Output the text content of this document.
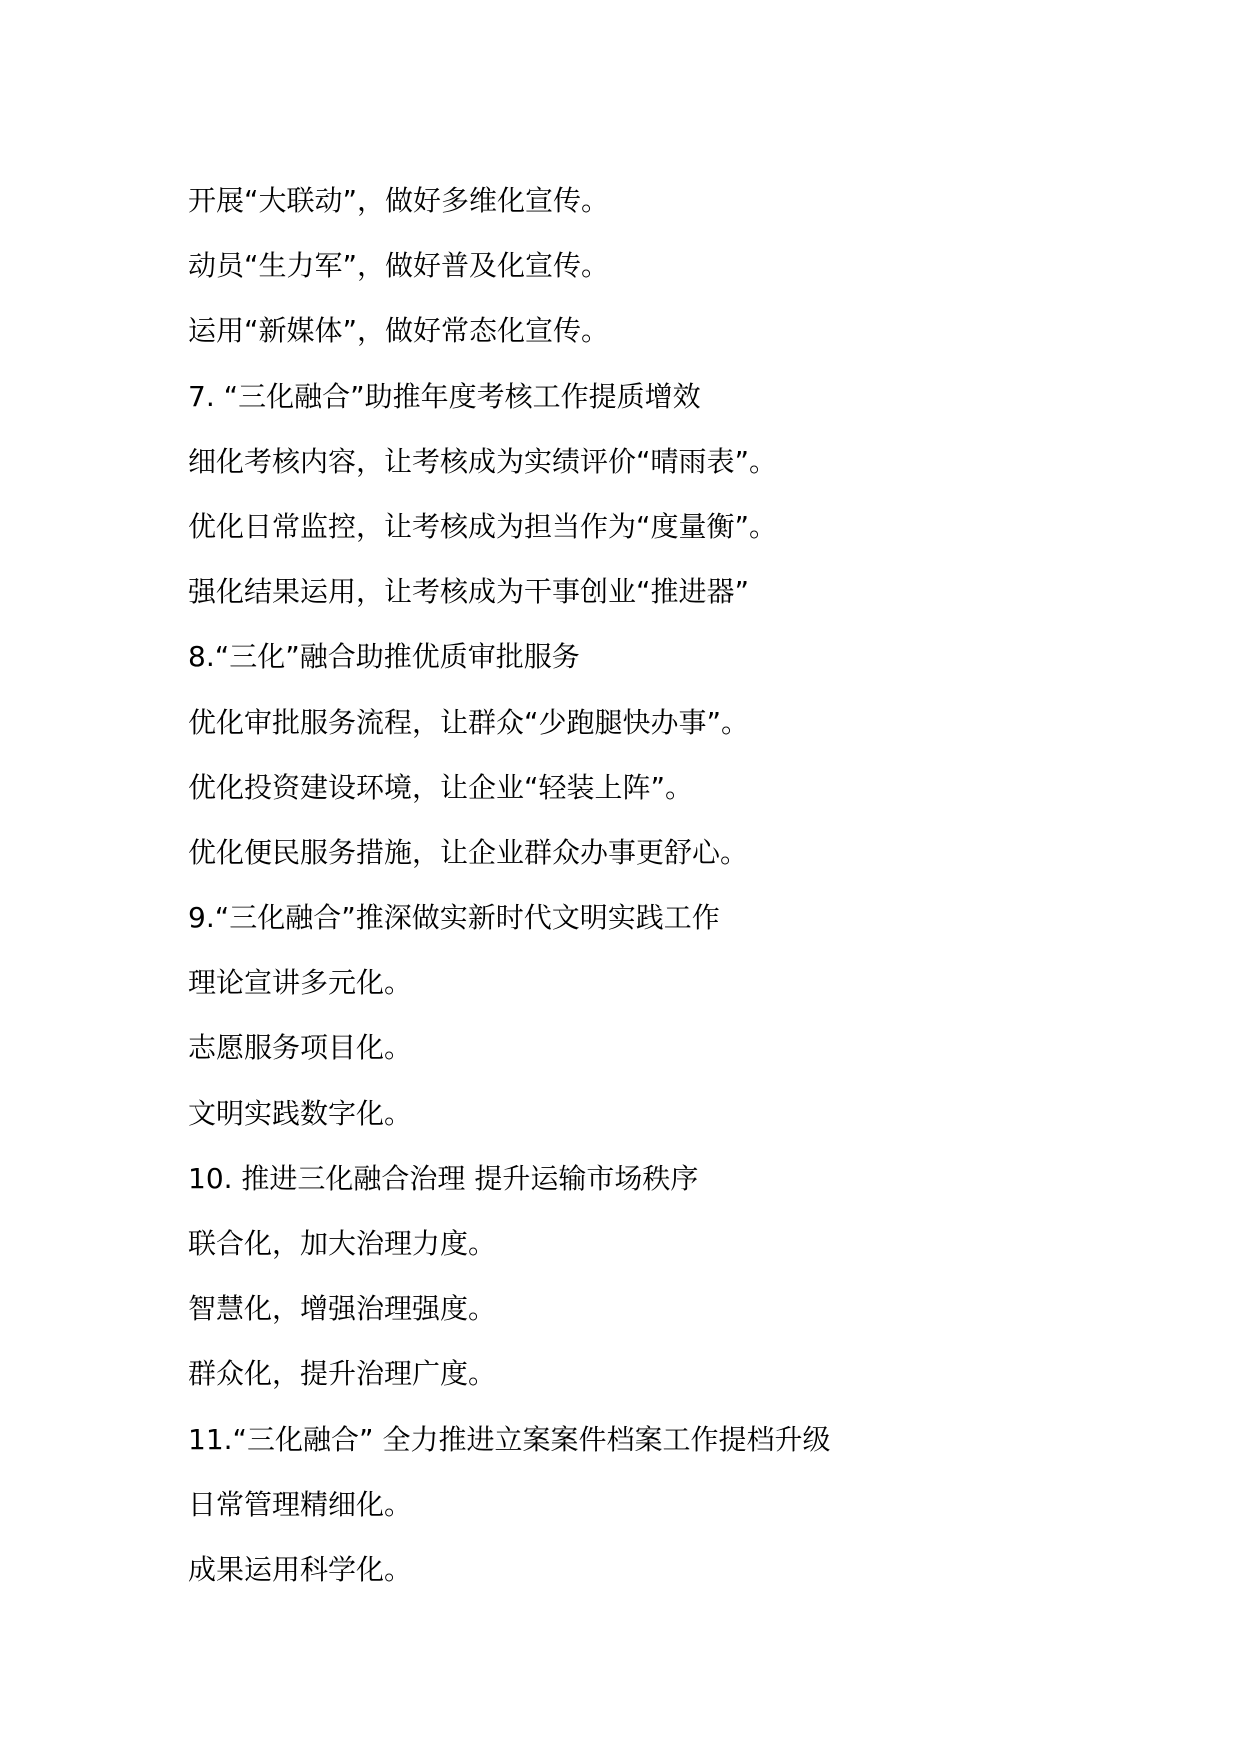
开展“大联动”，做好多维化宣传。
动员“生力军”，做好普及化宣传。
运用“新媒体”，做好常态化宣传。
7. “三化融合”助推年度考核工作提质增效
细化考核内容，让考核成为实绩评价“晴雨表”。
优化日常监控，让考核成为担当作为“度量衡”。
强化结果运用，让考核成为干事创业“推进器”
8.“三化”融合助推优质审批服务
优化审批服务流程，让群众“少跑腿快办事”。
优化投资建设环境，让企业“轻装上阵”。
优化便民服务措施，让企业群众办事更舒心。
9.“三化融合”推深做实新时代文明实践工作
理论宣讲多元化。
志愿服务项目化。
文明实践数字化。
10. 推进三化融合治理 提升运输市场秩序
联合化，加大治理力度。
智慧化，增强治理强度。
群众化，提升治理广度。
11.“三化融合” 全力推进立案案件档案工作提档升级
日常管理精细化。
成果运用科学化。
